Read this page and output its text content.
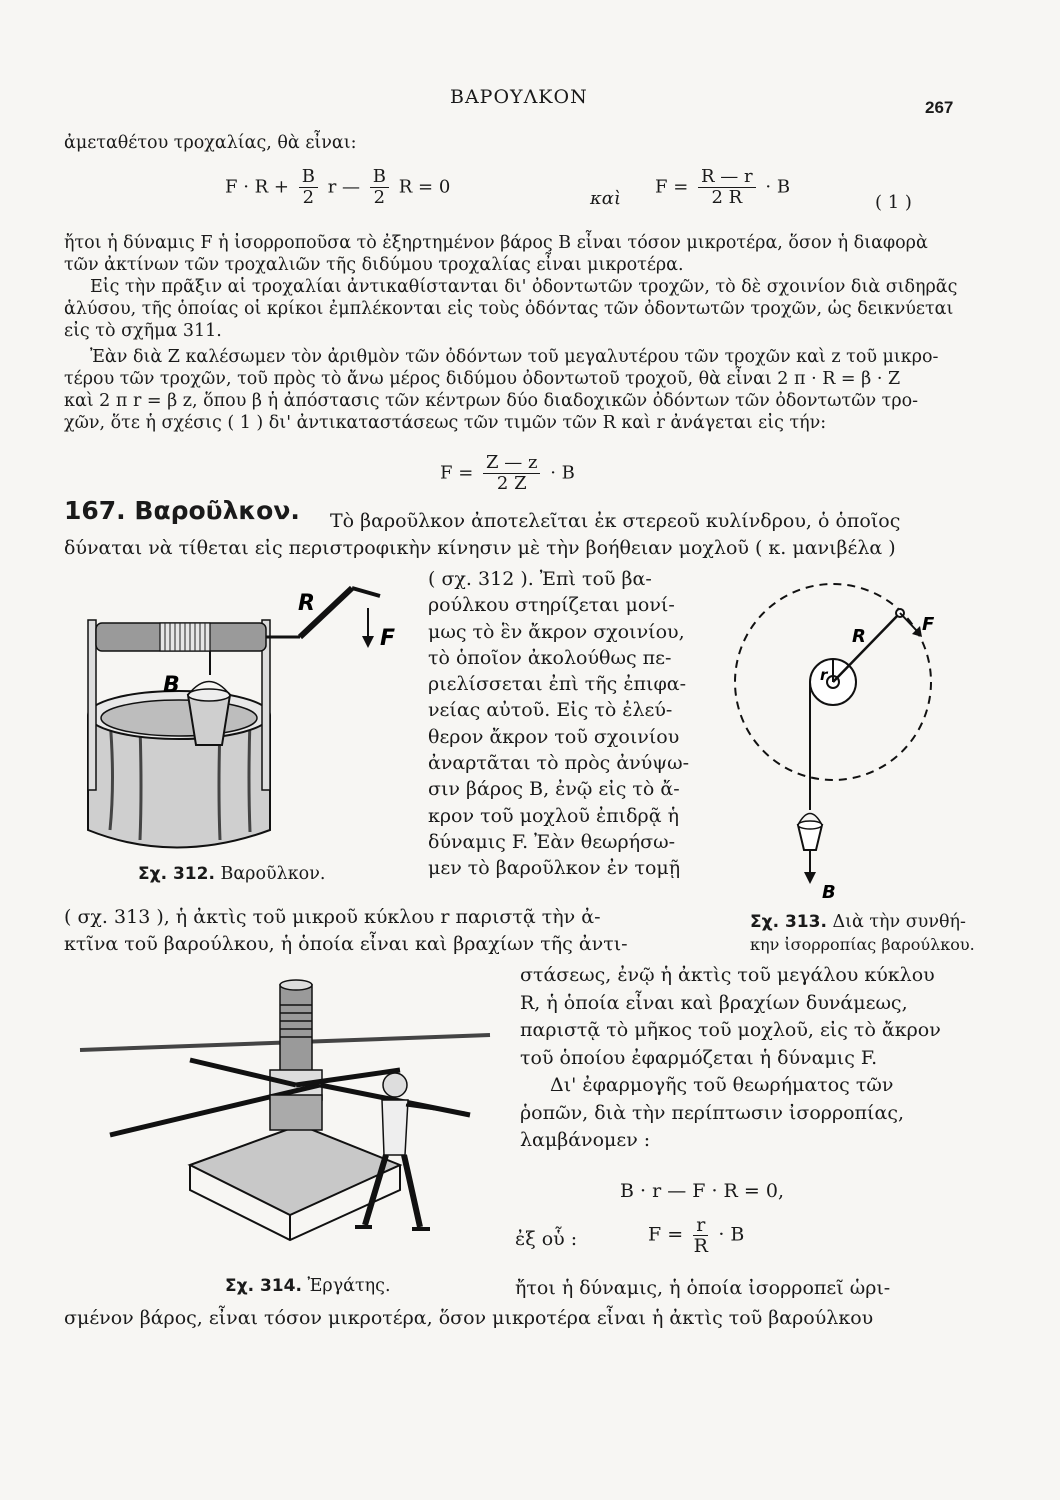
ΒΑΡΟΥΛΚΟΝ	267
ἀμεταθέτου τροχαλίας, θὰ εἶναι:
$F \cdot R + \frac{B}{2}$ r — $\frac{B}{2}$ R = 0
καὶ
$F = \frac{R — r}{2 R} \cdot B$
( 1 )
ἤτοι ἡ δύναμις F ἡ ἰσορροποῦσα τὸ ἐξηρτημένον βάρος B εἶναι τόσον μικροτέρα, ὅσον ἡ διαφορὰ
τῶν ἀκτίνων τῶν τροχαλιῶν τῆς διδύμου τροχαλίας εἶναι μικροτέρα.
Εἰς τὴν πρᾶξιν αἱ τροχαλίαι ἀντικαθίστανται δι' ὀδοντωτῶν τροχῶν, τὸ δὲ σχοινίον διὰ σιδηρᾶς
ἁλύσου, τῆς ὁποίας οἱ κρίκοι ἐμπλέκονται εἰς τοὺς ὀδόντας τῶν ὀδοντωτῶν τροχῶν, ὡς δεικνύεται
εἰς τὸ σχῆμα 311.
Ἐὰν διὰ Z καλέσωμεν τὸν ἀριθμὸν τῶν ὀδόντων τοῦ μεγαλυτέρου τῶν τροχῶν καὶ z τοῦ μικρο-
τέρου τῶν τροχῶν, τοῦ πρὸς τὸ ἄνω μέρος διδύμου ὀδοντωτοῦ τροχοῦ, θὰ εἶναι 2 π · R = β · Z
καὶ 2 π r = β z, ὅπου β ἡ ἀπόστασις τῶν κέντρων δύο διαδοχικῶν ὀδόντων τῶν ὀδοντωτῶν τρο-
χῶν, ὅτε ἡ σχέσις ( 1 ) δι' ἀντικαταστάσεως τῶν τιμῶν τῶν R καὶ r ἀνάγεται εἰς τήν:
$F = \frac{Z — z}{2 Z} \cdot B$
167. Βαροῦλκον. Τὸ βαροῦλκον ἀποτελεῖται ἐκ στερεοῦ κυλίνδρου, ὁ ὁποῖος
δύναται νὰ τίθεται εἰς περιστροφικὴν κίνησιν μὲ τὴν βοήθειαν μοχλοῦ ( κ. μανιβέλα )
( σχ. 312 ). Ἐπὶ τοῦ βα-
ρούλκου στηρίζεται μονί-
μως τὸ ἓν ἄκρον σχοινίου,
τὸ ὁποῖον ἀκολούθως πε-
ριελίσσεται ἐπὶ τῆς ἐπιφα-
νείας αὐτοῦ. Εἰς τὸ ἐλεύ-
θερον ἄκρον τοῦ σχοινίου
ἀναρτᾶται τὸ πρὸς ἀνύψω-
σιν βάρος B, ἐνῷ εἰς τὸ ἄ-
κρον τοῦ μοχλοῦ ἐπιδρᾷ ἡ
δύναμις F. Ἐὰν θεωρήσω-
μεν τὸ βαροῦλκον ἐν τομῇ
( σχ. 313 ), ἡ ἀκτὶς τοῦ μικροῦ κύκλου r παριστᾷ τὴν ἀ-
κτῖνα τοῦ βαρούλκου, ἡ ὁποία εἶναι καὶ βραχίων τῆς ἀντι-
στάσεως, ἐνῷ ἡ ἀκτὶς τοῦ μεγάλου κύκλου
R, ἡ ὁποία εἶναι καὶ βραχίων δυνάμεως,
παριστᾷ τὸ μῆκος τοῦ μοχλοῦ, εἰς τὸ ἄκρον
τοῦ ὁποίου ἐφαρμόζεται ἡ δύναμις F.
Δι' ἐφαρμογῆς τοῦ θεωρήματος τῶν
ῥοπῶν, διὰ τὴν περίπτωσιν ἰσορροπίας,
λαμβάνομεν :
B · r — F · R = 0,
ἐξ οὗ :	$F = \frac{r}{R} \cdot B$
Σχ. 312. Βαροῦλκον.
Σχ. 313. Διὰ τὴν συνθή-
κην ἰσορροπίας βαρούλκου.
Σχ. 314. Ἐργάτης.	ἤτοι ἡ δύναμις, ἡ ὁποία ἰσορροπεῖ ὡρι-
σμένον βάρος, εἶναι τόσον μικροτέρα, ὅσον μικροτέρα εἶναι ἡ ἀκτὶς τοῦ βαρούλκου
R
F
B
R
F
r
B
